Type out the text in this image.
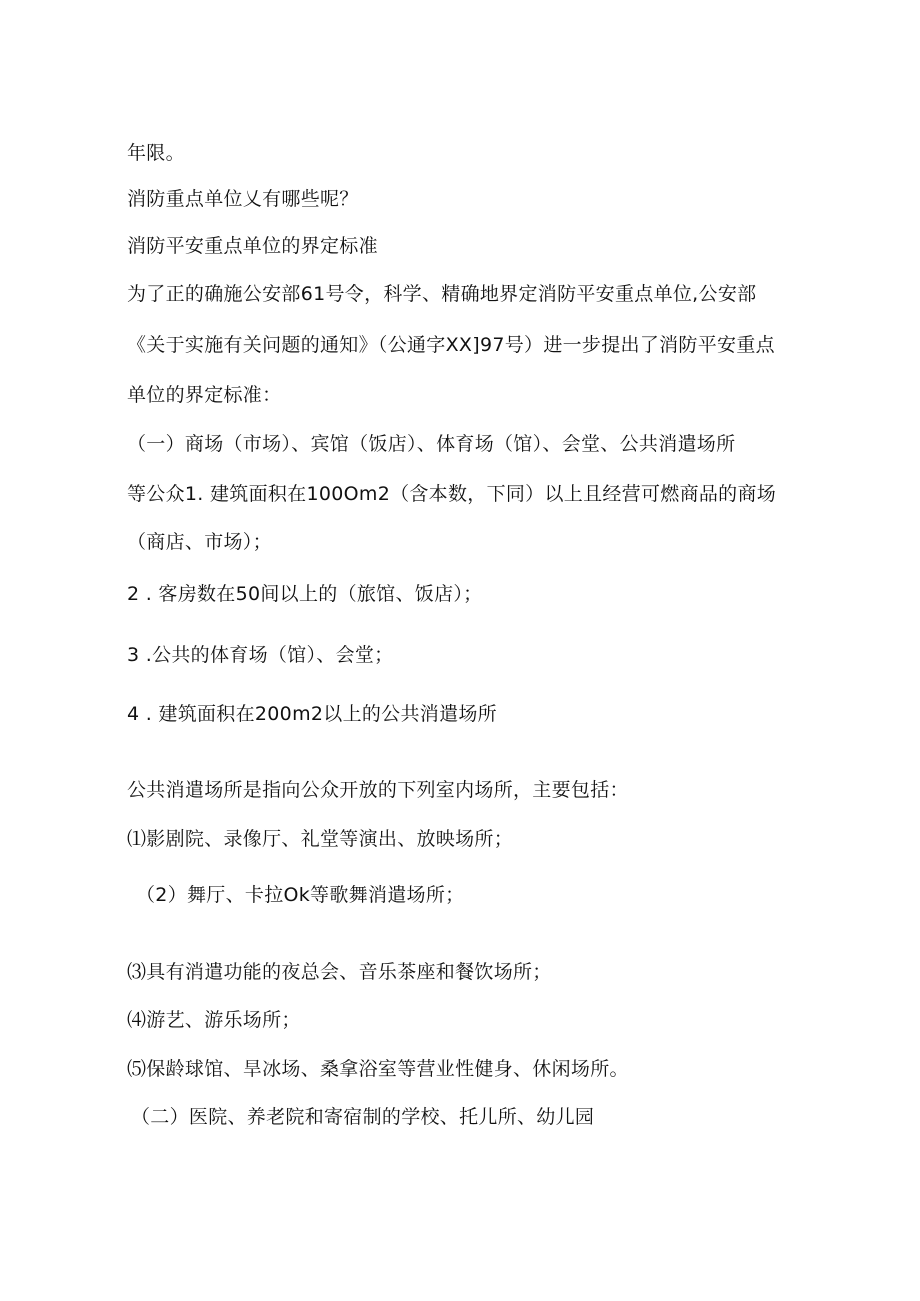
年限。
消防重点单位乂有哪些呢？
消防平安重点单位的界定标准
为了正的确施公安部61号令，科学、精确地界定消防平安重点单位,公安部
《关于实施有关问题的通知》（公通字XX]97号）进一步提出了消防平安重点
单位的界定标准：
（一）商场（市场）、宾馆（饭店）、体育场（馆）、会堂、公共消遣场所
等公众1. 建筑面积在100Om2（含本数，下同）以上且经营可燃商品的商场
（商店、市场）；
2 . 客房数在50间以上的（旅馆、饭店）；
3 .公共的体育场（馆）、会堂；
4 . 建筑面积在200m2以上的公共消遣场所
公共消遣场所是指向公众开放的下列室内场所，主要包括：
⑴影剧院、录像厅、礼堂等演出、放映场所；
（2）舞厅、卡拉Ok等歌舞消遣场所；
⑶具有消遣功能的夜总会、音乐茶座和餐饮场所；
⑷游艺、游乐场所；
⑸保龄球馆、旱冰场、桑拿浴室等营业性健身、休闲场所。
（二）医院、养老院和寄宿制的学校、托儿所、幼儿园
